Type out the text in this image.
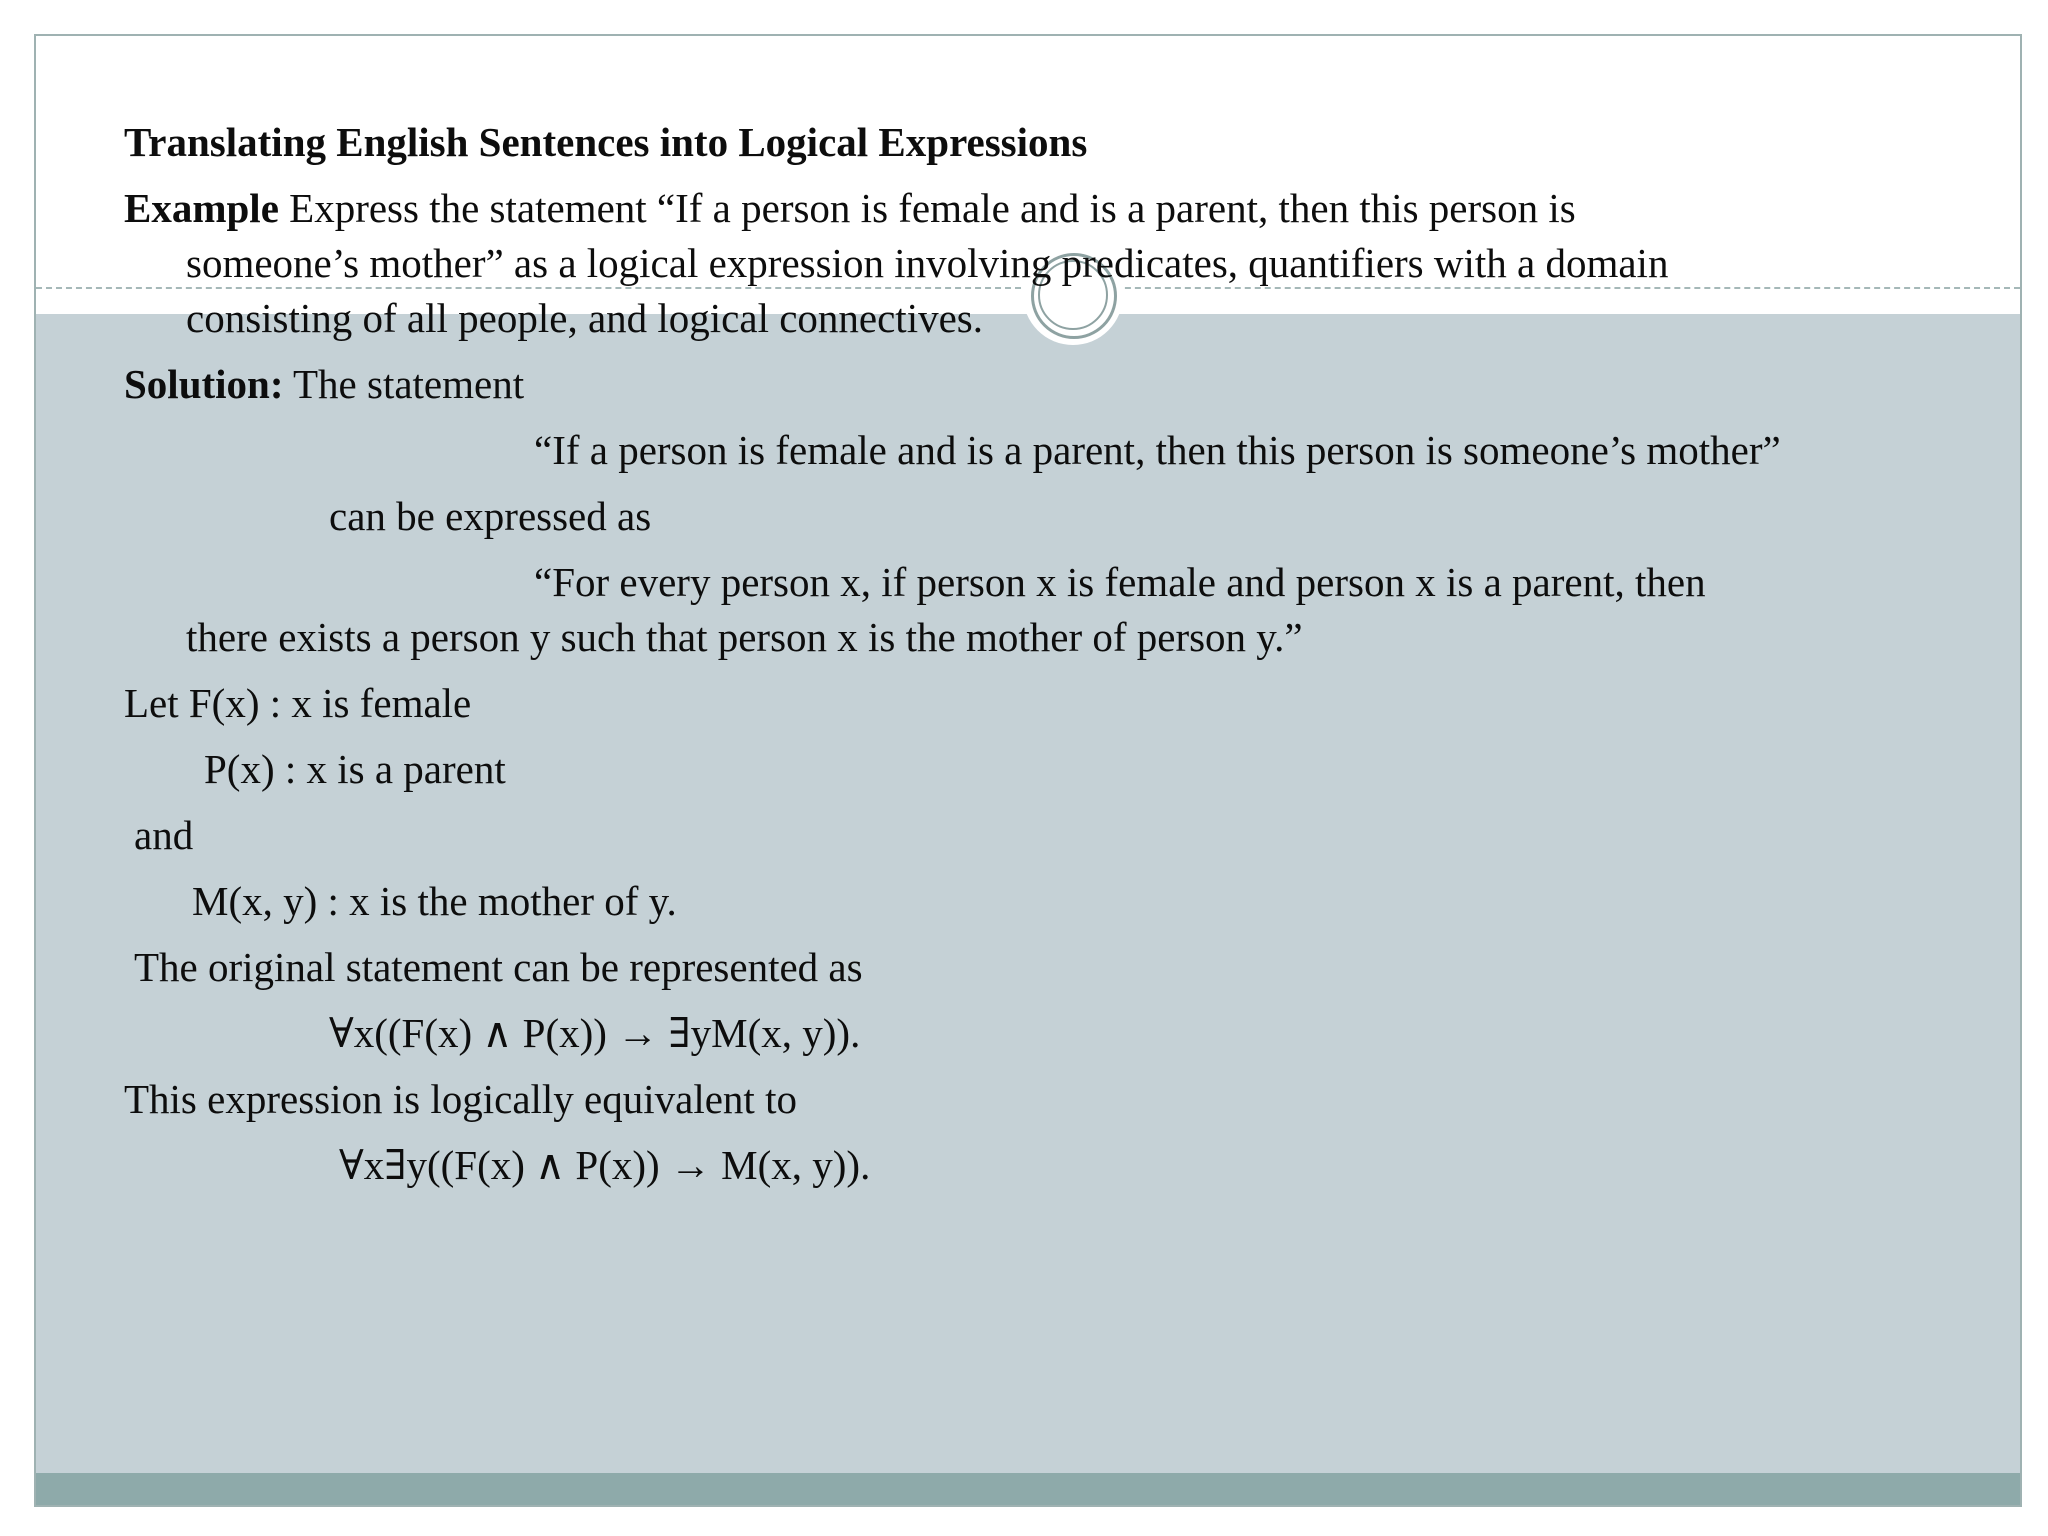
Translating English Sentences into Logical Expressions
Example Express the statement “If a person is female and is a parent, then this person is
someone’s mother” as a logical expression involving predicates, quantifiers with a domain
consisting of all people, and logical connectives.
Solution: The statement
“If a person is female and is a parent, then this person is someone’s mother”
can be expressed as
“For every person x, if person x is female and person x is a parent, then
there exists a person y such that person x is the mother of person y.”
Let F(x) : x is female
P(x) : x is a parent
and
M(x, y) : x is the mother of y.
The original statement can be represented as
∀x((F(x) ∧ P(x)) → ∃yM(x, y)).
This expression is logically equivalent to
∀x∃y((F(x) ∧ P(x)) → M(x, y)).
